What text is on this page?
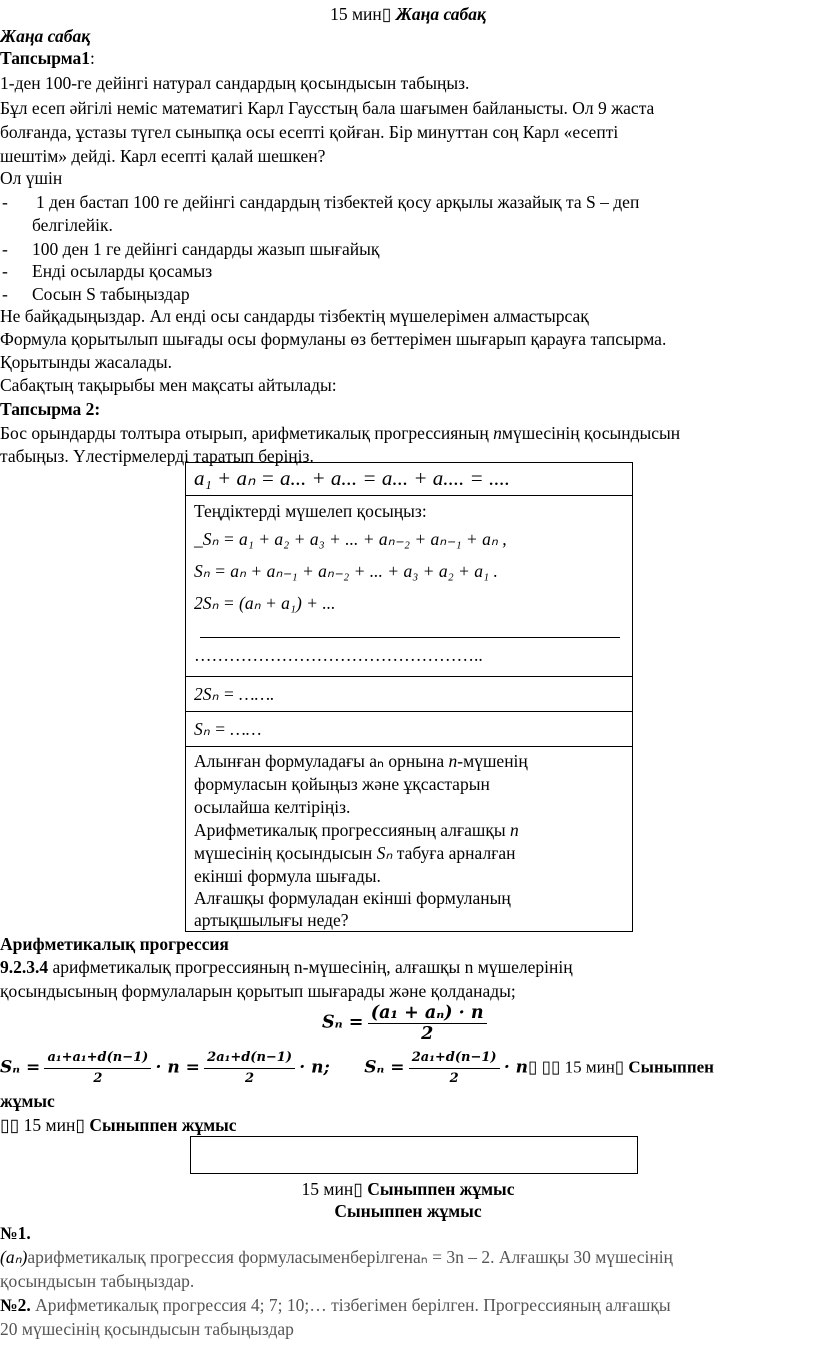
15 мин▯ Жаңа сабақ
Жаңа сабақ
Тапсырма1:
1-ден 100-ге дейінгі натурал сандардың қосындысын табыңыз.
Бұл есеп әйгілі неміс математигі Карл Гаусстың бала шағымен байланысты. Ол 9 жаста
болғанда, ұстазы түгел сыныпқа осы есепті қойған. Бір минуттан соң Карл «есепті
шештім» дейді. Карл есепті қалай шешкен?
Ол үшін
- 1 ден бастап 100 ге дейінгі сандардың тізбектей қосу арқылы жазайық та S – деп
белгілейік.
- 100 ден 1 ге дейінгі сандарды жазып шығайық
- Енді осыларды қосамыз
- Сосын S табыңыздар
Не байқадыңыздар. Ал енді осы сандарды тізбектің мүшелерімен алмастырсақ
Формула қорытылып шығады осы формуланы өз беттерімен шығарып қарауға тапсырма.
Қорытынды жасалады.
Сабақтың тақырыбы мен мақсаты айтылады:
Тапсырма 2:
Бос орындарды толтыра отырып, арифметикалық прогрессияның nмүшесінің қосындысын
табыңыз. Үлестірмелерді таратып беріңіз.
a₁ + aₙ = a... + a... = a... + a.... = ....
Теңдіктерді мүшелеп қосыңыз:
_Sₙ = a₁ + a₂ + a₃ + ... + aₙ₋₂ + aₙ₋₁ + aₙ ,
Sₙ = aₙ + aₙ₋₁ + aₙ₋₂ + ... + a₃ + a₂ + a₁ .
2Sₙ = (aₙ + a₁) + ...
…………………………………………..
2Sₙ = …….
Sₙ = ……
Алынған формуладағы aₙ орнына n-мүшенің
формуласын қойыңыз және ұқсастарын
осылайша келтіріңіз.
Арифметикалық прогрессияның алғашқы n
мүшесінің қосындысын Sₙ табуға арналған
екінші формула шығады.
Алғашқы формуладан екінші формуланың
артықшылығы неде?
Арифметикалық прогрессия
9.2.3.4 арифметикалық прогрессияның n-мүшесінің, алғашқы n мүшелерінің
қосындысының формулаларын қорытып шығарады және қолданады;
$S_n = \frac{\text{(a₁ + aₙ) · n}}{2}$
$S_n = \frac{\text{a₁+a₁+d(n−1)}}{2} \cdot n = \frac{\text{2a₁+d(n−1)}}{2} \cdot n$; $S_n = \frac{\text{2a₁+d(n−1)}}{2}$ · n▯ ▯▯ 15 мин▯ Сыныппен
жұмыс
▯▯ 15 мин▯ Сыныппен жұмыс
15 мин▯ Сыныппен жұмыс
Сыныппен жұмыс
№1.
(aₙ)арифметикалық прогрессия формуласыменберілгенаₙ = 3n – 2. Алғашқы 30 мүшесінің
қосындысын табыңыздар.
№2. Арифметикалық прогрессия 4; 7; 10;… тізбегімен берілген. Прогрессияның алғашқы
20 мүшесінің қосындысын табыңыздар
